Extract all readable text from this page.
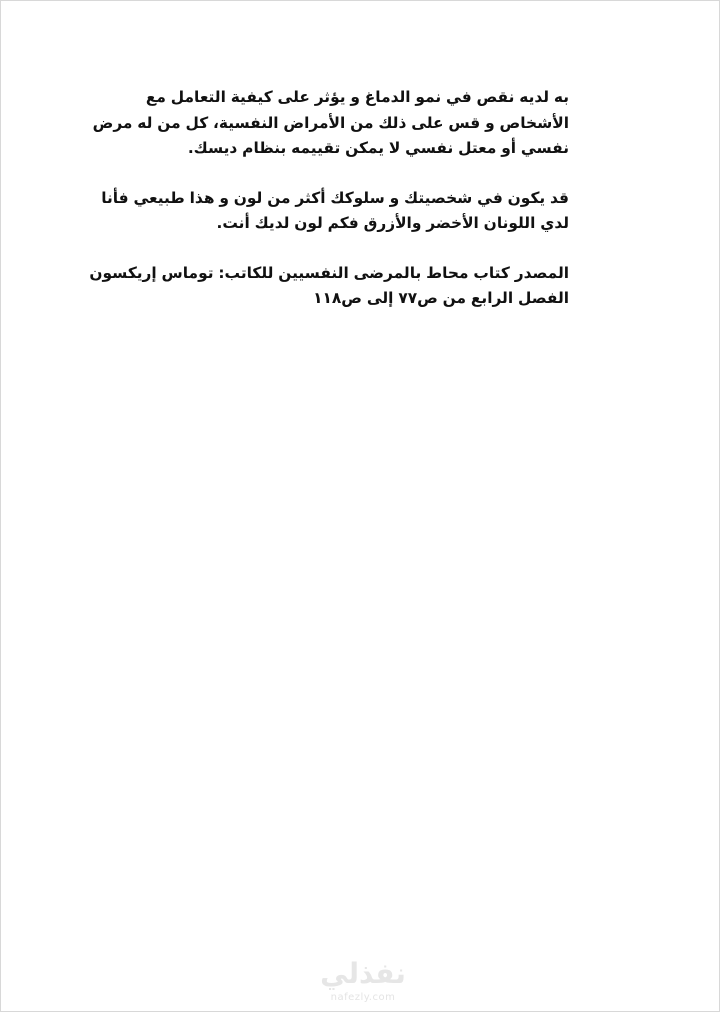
به لديه نقص في نمو الدماغ و يؤثر على كيفية التعامل مع
الأشخاص و قس على ذلك من الأمراض النفسية، كل من له مرض
نفسي أو معتل نفسي لا يمكن تقييمه بنظام ديسك.

قد يكون في شخصيتك و سلوكك أكثر من لون و هذا طبيعي فأنا
لدي اللونان الأخضر والأزرق فكم لون لديك أنت.

المصدر كتاب محاط بالمرضى النفسيين للكاتب: توماس إريكسون
الفصل الرابع من ص٧٧ إلى ص١١٨

نفذلي
nafezly.com
